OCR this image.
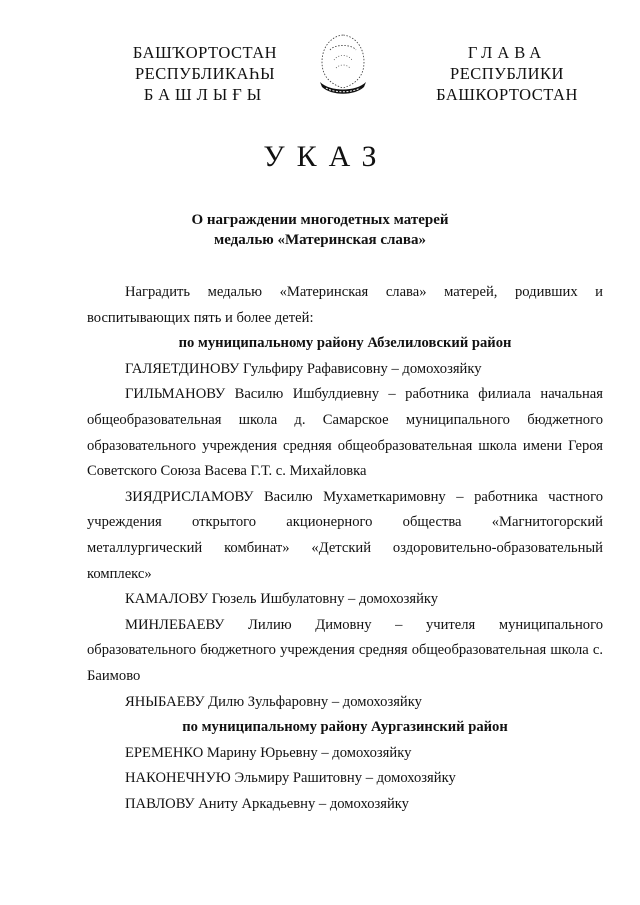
БАШҠОРТОСТАН
РЕСПУБЛИКАҺЫ
БАШЛЫҒЫ
ГЛАВА
РЕСПУБЛИКИ
БАШКОРТОСТАН
УКАЗ
О награждении многодетных матерей
медалью «Материнская слава»

Наградить медалью «Материнская слава» матерей, родивших и воспитывающих пять и более детей:

по муниципальному району Абзелиловский район

ГАЛЯЕТДИНОВУ Гульфиру Рафависовну – домохозяйку

ГИЛЬМАНОВУ Василю Ишбулдиевну – работника филиала начальная общеобразовательная школа д. Самарское муниципального бюджетного образовательного учреждения средняя общеобразовательная школа имени Героя Советского Союза Васева Г.Т. с. Михайловка

ЗИЯДРИСЛАМОВУ Василю Мухаметкаримовну – работника частного учреждения открытого акционерного общества «Магнитогорский металлургический комбинат» «Детский оздоровительно-образовательный комплекс»

КАМАЛОВУ Гюзель Ишбулатовну – домохозяйку

МИНЛЕБАЕВУ Лилию Димовну – учителя муниципального образовательного бюджетного учреждения средняя общеобразовательная школа с. Баимово

ЯНЫБАЕВУ Дилю Зульфаровну – домохозяйку

по муниципальному району Аургазинский район

ЕРЕМЕНКО Марину Юрьевну – домохозяйку

НАКОНЕЧНУЮ Эльмиру Рашитовну – домохозяйку

ПАВЛОВУ Аниту Аркадьевну – домохозяйку
